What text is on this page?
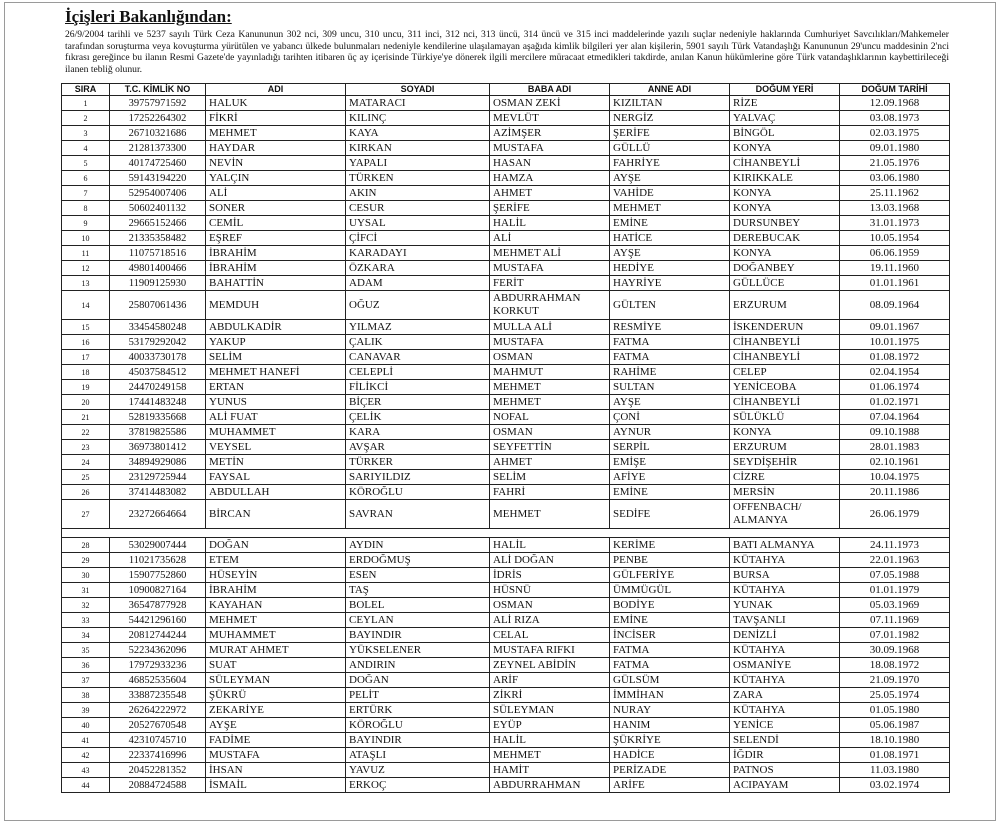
İçişleri Bakanlığından:
26/9/2004 tarihli ve 5237 sayılı Türk Ceza Kanununun 302 nci, 309 uncu, 310 uncu, 311 inci, 312 nci, 313 üncü, 314 üncü ve 315 inci maddelerinde yazılı suçlar nedeniyle haklarında Cumhuriyet Savcılıkları/Mahkemeler tarafından soruşturma veya kovuşturma yürütülen ve yabancı ülkede bulunmaları nedeniyle kendilerine ulaşılamayan aşağıda kimlik bilgileri yer alan kişilerin, 5901 sayılı Türk Vatandaşlığı Kanununun 29'uncu maddesinin 2'nci fıkrası gereğince bu ilanın Resmi Gazete'de yayınladığı tarihten itibaren üç ay içerisinde Türkiye'ye dönerek ilgili mercilere müracaat etmedikleri takdirde, anılan Kanun hükümlerine göre Türk vatandaşlıklarının kaybettirileceği ilanen tebliğ olunur.
SIRA	T.C. KİMLİK NO	ADI	SOYADI	BABA ADI	ANNE ADI	DOĞUM YERİ	DOĞUM TARİHİ
1	39757971592	HALUK	MATARACI	OSMAN ZEKİ	KIZILTAN	RİZE	12.09.1968
2	17252264302	FİKRİ	KILINÇ	MEVLÜT	NERGİZ	YALVAÇ	03.08.1973
3	26710321686	MEHMET	KAYA	AZİMŞER	ŞERİFE	BİNGÖL	02.03.1975
4	21281373300	HAYDAR	KIRKAN	MUSTAFA	GÜLLÜ	KONYA	09.01.1980
5	40174725460	NEVİN	YAPALI	HASAN	FAHRİYE	CİHANBEYLİ	21.05.1976
6	59143194220	YALÇIN	TÜRKEN	HAMZA	AYŞE	KIRIKKALE	03.06.1980
7	52954007406	ALİ	AKIN	AHMET	VAHİDE	KONYA	25.11.1962
8	50602401132	SONER	CESUR	ŞERİFE	MEHMET	KONYA	13.03.1968
9	29665152466	CEMİL	UYSAL	HALİL	EMİNE	DURSUNBEY	31.01.1973
10	21335358482	EŞREF	ÇİFCİ	ALİ	HATİCE	DEREBUCAK	10.05.1954
11	11075718516	İBRAHİM	KARADAYI	MEHMET ALİ	AYŞE	KONYA	06.06.1959
12	49801400466	İBRAHİM	ÖZKARA	MUSTAFA	HEDİYE	DOĞANBEY	19.11.1960
13	11909125930	BAHATTİN	ADAM	FERİT	HAYRİYE	GÜLLÜCE	01.01.1961
14	25807061436	MEMDUH	OĞUZ	ABDURRAHMAN KORKUT	GÜLTEN	ERZURUM	08.09.1964
15	33454580248	ABDULKADİR	YILMAZ	MULLA ALİ	RESMİYE	İSKENDERUN	09.01.1967
16	53179292042	YAKUP	ÇALIK	MUSTAFA	FATMA	CİHANBEYLİ	10.01.1975
17	40033730178	SELİM	CANAVAR	OSMAN	FATMA	CİHANBEYLİ	01.08.1972
18	45037584512	MEHMET HANEFİ	CELEPLİ	MAHMUT	RAHİME	CELEP	02.04.1954
19	24470249158	ERTAN	FİLİKCİ	MEHMET	SULTAN	YENİCEOBA	01.06.1974
20	17441483248	YUNUS	BİÇER	MEHMET	AYŞE	CİHANBEYLİ	01.02.1971
21	52819335668	ALİ FUAT	ÇELİK	NOFAL	ÇONİ	SÜLÜKLÜ	07.04.1964
22	37819825586	MUHAMMET	KARA	OSMAN	AYNUR	KONYA	09.10.1988
23	36973801412	VEYSEL	AVŞAR	SEYFETTİN	SERPİL	ERZURUM	28.01.1983
24	34894929086	METİN	TÜRKER	AHMET	EMİŞE	SEYDİŞEHİR	02.10.1961
25	23129725944	FAYSAL	SARIYILDIZ	SELİM	AFİYE	CİZRE	10.04.1975
26	37414483082	ABDULLAH	KÖROĞLU	FAHRİ	EMİNE	MERSİN	20.11.1986
27	23272664664	BİRCAN	SAVRAN	MEHMET	SEDİFE	OFFENBACH/ ALMANYA	26.06.1979

28	53029007444	DOĞAN	AYDIN	HALİL	KERİME	BATI ALMANYA	24.11.1973
29	11021735628	ETEM	ERDOĞMUŞ	ALİ DOĞAN	PENBE	KÜTAHYA	22.01.1963
30	15907752860	HÜSEYİN	ESEN	İDRİS	GÜLFERİYE	BURSA	07.05.1988
31	10900827164	İBRAHİM	TAŞ	HÜSNÜ	ÜMMÜGÜL	KÜTAHYA	01.01.1979
32	36547877928	KAYAHAN	BOLEL	OSMAN	BODİYE	YUNAK	05.03.1969
33	54421296160	MEHMET	CEYLAN	ALİ RIZA	EMİNE	TAVŞANLI	07.11.1969
34	20812744244	MUHAMMET	BAYINDIR	CELAL	İNCİSER	DENİZLİ	07.01.1982
35	52234362096	MURAT AHMET	YÜKSELENER	MUSTAFA RIFKI	FATMA	KÜTAHYA	30.09.1968
36	17972933236	SUAT	ANDIRIN	ZEYNEL ABİDİN	FATMA	OSMANİYE	18.08.1972
37	46852535604	SÜLEYMAN	DOĞAN	ARİF	GÜLSÜM	KÜTAHYA	21.09.1970
38	33887235548	ŞÜKRÜ	PELİT	ZİKRİ	İMMİHAN	ZARA	25.05.1974
39	26264222972	ZEKARİYE	ERTÜRK	SÜLEYMAN	NURAY	KÜTAHYA	01.05.1980
40	20527670548	AYŞE	KÖROĞLU	EYÜP	HANIM	YENİCE	05.06.1987
41	42310745710	FADİME	BAYINDIR	HALİL	ŞÜKRİYE	SELENDİ	18.10.1980
42	22337416996	MUSTAFA	ATAŞLI	MEHMET	HADİCE	İĞDIR	01.08.1971
43	20452281352	İHSAN	YAVUZ	HAMİT	PERİZADE	PATNOS	11.03.1980
44	20884724588	İSMAİL	ERKOÇ	ABDURRAHMAN	ARİFE	ACIPAYAM	03.02.1974
